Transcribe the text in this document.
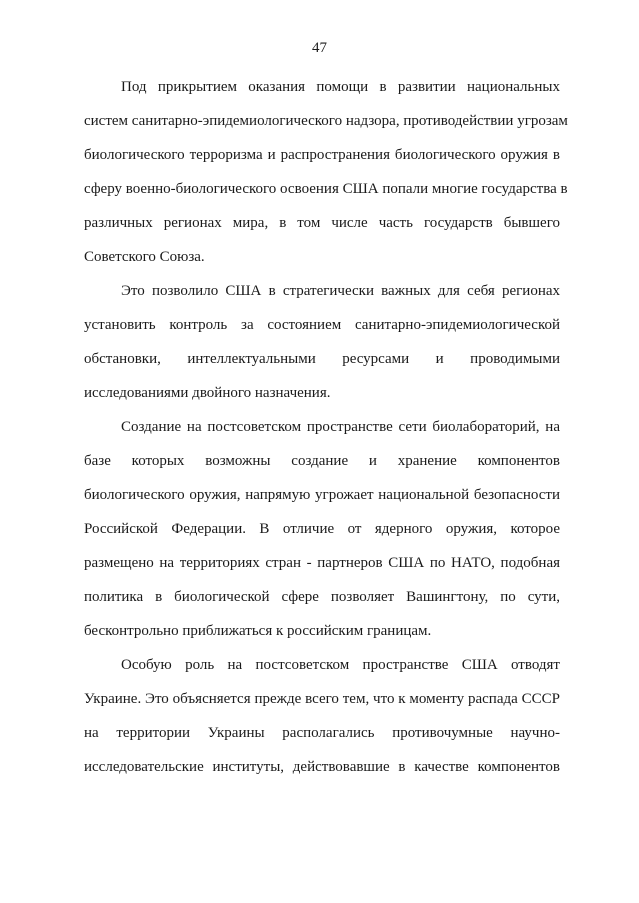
47
Под прикрытием оказания помощи в развитии национальных
систем санитарно-эпидемиологического надзора, противодействии угрозам
биологического терроризма и распространения биологического оружия в
сферу военно-биологического освоения США попали многие государства в
различных регионах мира, в том числе часть государств бывшего
Советского Союза.
Это позволило США в стратегически важных для себя регионах
установить контроль за состоянием санитарно-эпидемиологической
обстановки, интеллектуальными ресурсами и проводимыми
исследованиями двойного назначения.
Создание на постсоветском пространстве сети биолабораторий, на
базе которых возможны создание и хранение компонентов
биологического оружия, напрямую угрожает национальной безопасности
Российской Федерации. В отличие от ядерного оружия, которое
размещено на территориях стран - партнеров США по НАТО, подобная
политика в биологической сфере позволяет Вашингтону, по сути,
бесконтрольно приближаться к российским границам.
Особую роль на постсоветском пространстве США отводят
Украине. Это объясняется прежде всего тем, что к моменту распада СССР
на территории Украины располагались противочумные научно-
исследовательские институты, действовавшие в качестве компонентов
